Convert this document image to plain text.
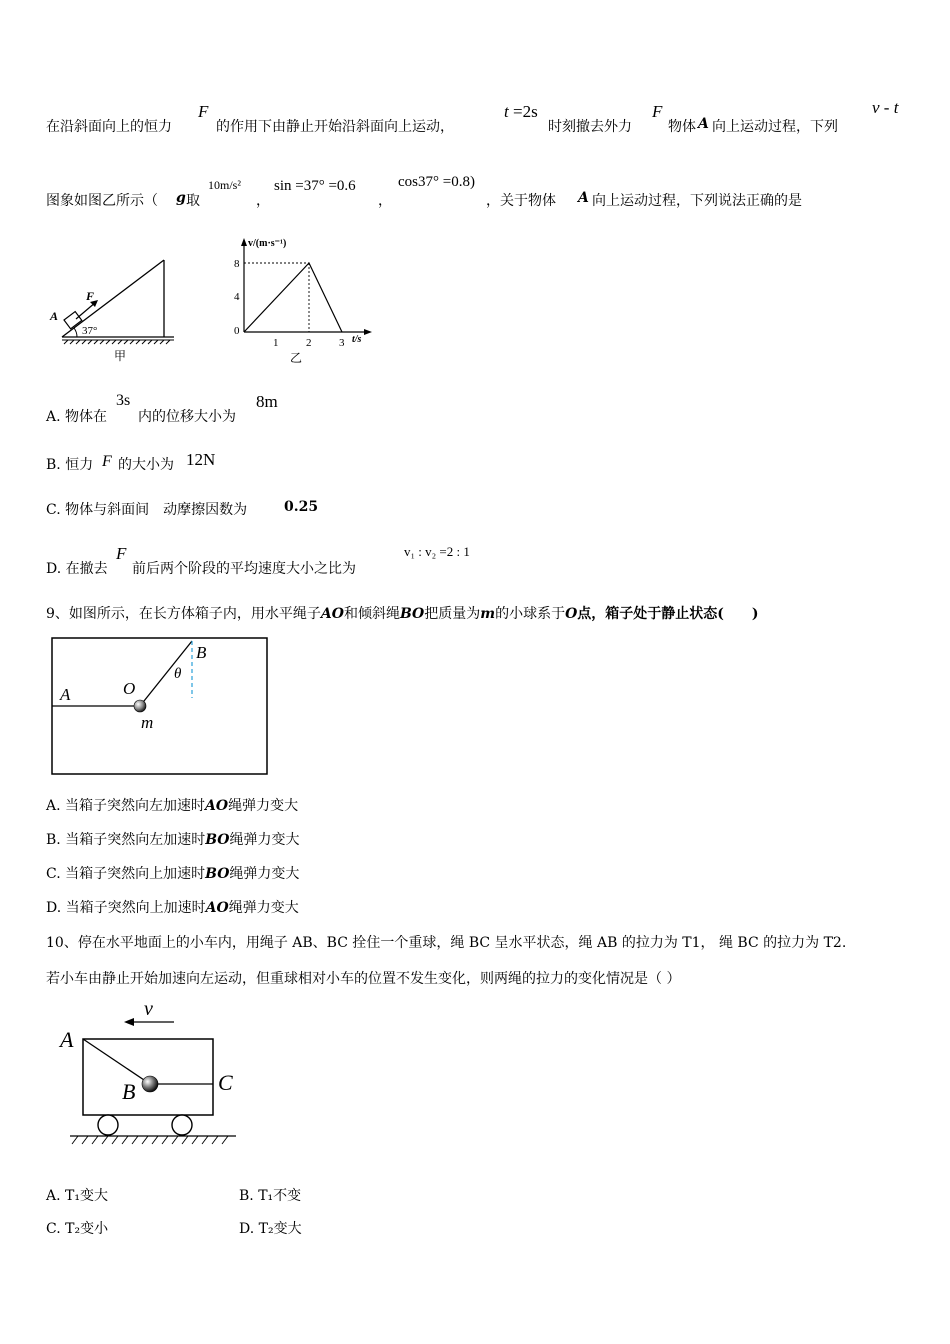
在沿斜面向上的恒力
F
的作用下由静止开始沿斜面向上运动，
t =2s
时刻撤去外力
F
物体 A 向上运动过程，下列
v - t
图象如图乙所示（ g 取
10m/s²
，
sin =37° =0.6
，
cos37° =0.8)
，关于物体 A 向上运动过程，下列说法正确的是
F
A
37°
甲
v/(m·s⁻¹)
8
4
0
1	2	3 t/s
乙
A. 物体在
3s
内的位移大小为
8m
B. 恒力 F 的大小为 12N
C. 物体与斜面间　动摩擦因数为	0.25
D. 在撤去
F
前后两个阶段的平均速度大小之比为
v₁ : v₂ =2 : 1
9、如图所示，在长方体箱子内，用水平绳子AO和倾斜绳BO把质量为m的小球系于O点，箱子处于静止状态(　　)
A	O
B
θ
m
A. 当箱子突然向左加速时AO绳弹力变大
B. 当箱子突然向左加速时BO绳弹力变大
C. 当箱子突然向上加速时BO绳弹力变大
D. 当箱子突然向上加速时AO绳弹力变大
10、停在水平地面上的小车内，用绳子 AB、BC 拴住一个重球，绳 BC 呈水平状态，绳 AB 的拉力为 T1， 绳 BC 的拉力为 T2.
若小车由静止开始加速向左运动，但重球相对小车的位置不发生变化，则两绳的拉力的变化情况是（ ）
v
A
B	C
A. T₁变大	B. T₁不变
C. T₂变小	D. T₂变大
